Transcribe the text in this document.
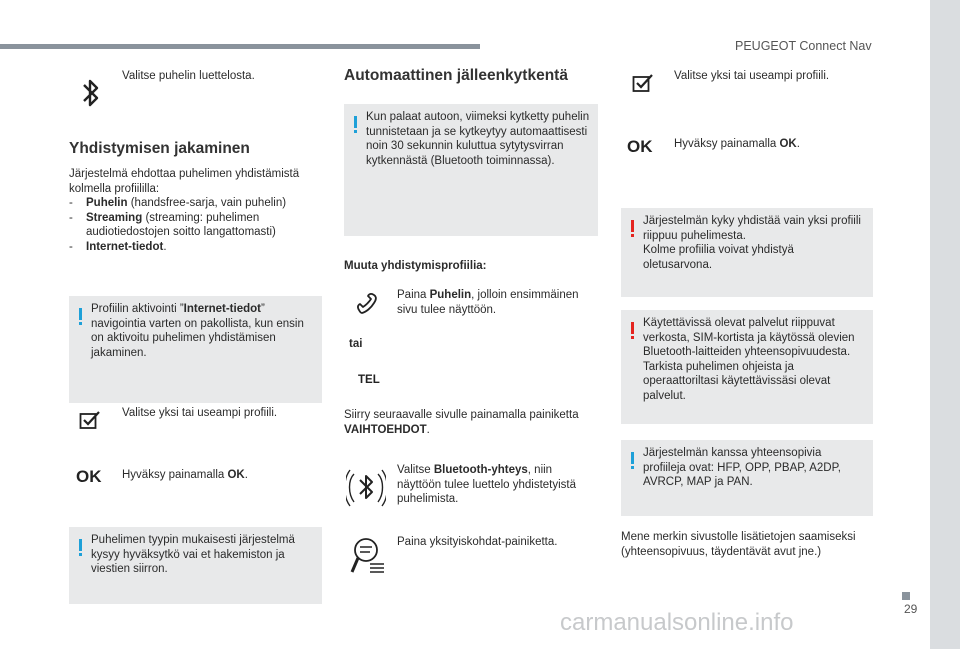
PEUGEOT Connect Nav
29
Valitse puhelin luettelosta.
Yhdistymisen jakaminen
Järjestelmä ehdottaa puhelimen yhdistämistä kolmella profiililla:
- Puhelin (handsfree-sarja, vain puhelin)
- Streaming (streaming: puhelimen audiotiedostojen soitto langattomasti)
- Internet-tiedot.
Profiilin aktivointi ”Internet-tiedot” navigointia varten on pakollista, kun ensin on aktivoitu puhelimen yhdistämisen jakaminen.
Valitse yksi tai useampi profiili.
OK Hyväksy painamalla OK.
Puhelimen tyypin mukaisesti järjestelmä kysyy hyväksytkö vai et hakemiston ja viestien siirron.
Automaattinen jälleenkytkentä
Kun palaat autoon, viimeksi kytketty puhelin tunnistetaan ja se kytkeytyy automaattisesti noin 30 sekunnin kuluttua sytytysvirran kytkennästä (Bluetooth toiminnassa).
Muuta yhdistymisprofiilia:
tai
TEL
Paina Puhelin, jolloin ensimmäinen sivu tulee näyttöön.
Siirry seuraavalle sivulle painamalla painiketta VAIHTOEHDOT.
Valitse Bluetooth-yhteys, niin näyttöön tulee luettelo yhdistetyistä puhelimista.
Paina yksityiskohdat-painiketta.
Valitse yksi tai useampi profiili.
OK Hyväksy painamalla OK.
Järjestelmän kyky yhdistää vain yksi profiili riippuu puhelimesta.
Kolme profiilia voivat yhdistyä oletusarvona.
Käytettävissä olevat palvelut riippuvat verkosta, SIM-kortista ja käytössä olevien Bluetooth-laitteiden yhteensopivuudesta. Tarkista puhelimen ohjeista ja operaattoriltasi käytettävissäsi olevat palvelut.
Järjestelmän kanssa yhteensopivia profiileja ovat: HFP, OPP, PBAP, A2DP, AVRCP, MAP ja PAN.
Mene merkin sivustolle lisätietojen saamiseksi (yhteensopivuus, täydentävät avut jne.)
carmanualsonline.info
